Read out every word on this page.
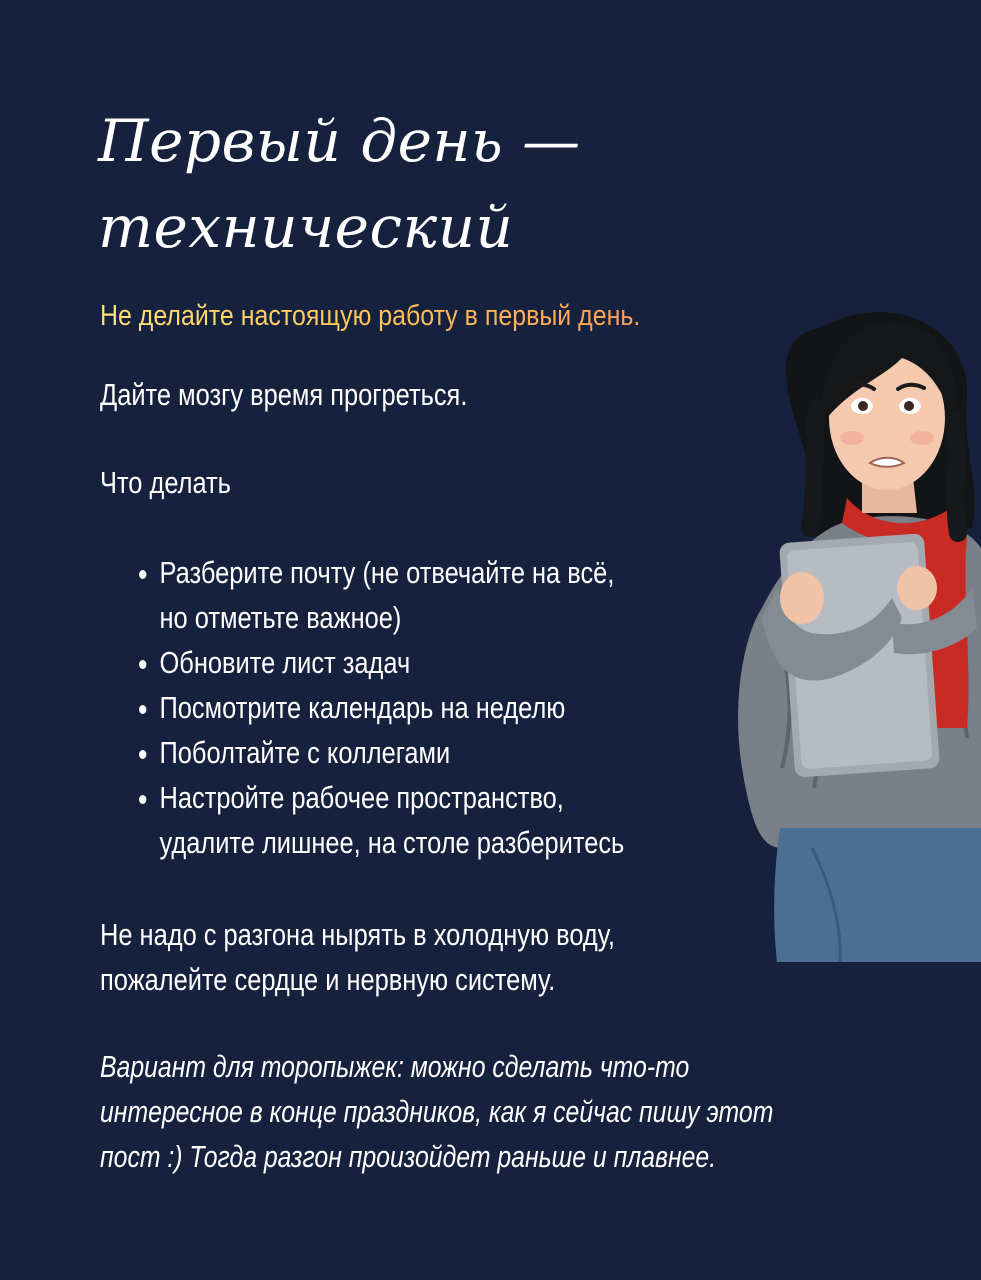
Первый день —
технический

Не делайте настоящую работу в первый день.

Дайте мозгу время прогреться.

Что делать

• Разберите почту (не отвечайте на всё,
но отметьте важное)
• Обновите лист задач
• Посмотрите календарь на неделю
• Поболтайте с коллегами
• Настройте рабочее пространство,
удалите лишнее, на столе разберитесь

Не надо с разгона нырять в холодную воду,
пожалейте сердце и нервную систему.

Вариант для торопыжек: можно сделать что-то
интересное в конце праздников, как я сейчас пишу этот
пост :) Тогда разгон произойдет раньше и плавнее.
